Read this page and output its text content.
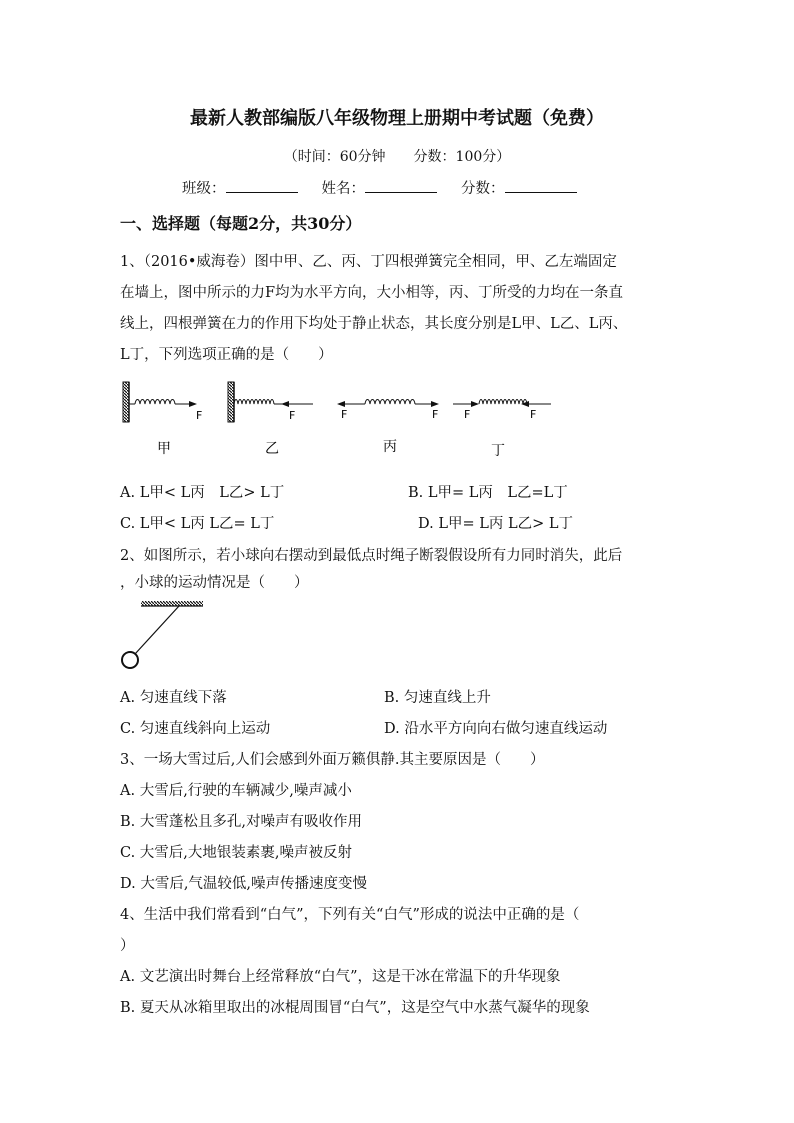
最新人教部编版八年级物理上册期中考试题（免费）
（时间：60分钟　　分数：100分）
班级：	姓名：	分数：
一、选择题（每题2分，共30分）
1、（2016•威海卷）图中甲、乙、丙、丁四根弹簧完全相同，甲、乙左端固定
在墙上，图中所示的力F均为水平方向，大小相等，丙、丁所受的力均在一条直
线上，四根弹簧在力的作用下均处于静止状态，其长度分别是L甲、L乙、L丙、
L丁，下列选项正确的是（　　）
F	F	F	F F	F
甲	乙	丙	丁
A. L甲< L丙　L乙> L丁	B. L甲= L丙　L乙=L丁
C. L甲< L丙 L乙= L丁	D. L甲= L丙 L乙> L丁
2、如图所示，若小球向右摆动到最低点时绳子断裂假设所有力同时消失，此后
，小球的运动情况是（　　）
A. 匀速直线下落	B. 匀速直线上升
C. 匀速直线斜向上运动	D. 沿水平方向向右做匀速直线运动
3、一场大雪过后,人们会感到外面万籁俱静.其主要原因是（　　）
A. 大雪后,行驶的车辆减少,噪声减小
B. 大雪蓬松且多孔,对噪声有吸收作用
C. 大雪后,大地银装素裹,噪声被反射
D. 大雪后,气温较低,噪声传播速度变慢
4、生活中我们常看到“白气”，下列有关“白气”形成的说法中正确的是（
）
A. 文艺演出时舞台上经常释放“白气”，这是干冰在常温下的升华现象
B. 夏天从冰箱里取出的冰棍周围冒“白气”，这是空气中水蒸气凝华的现象
